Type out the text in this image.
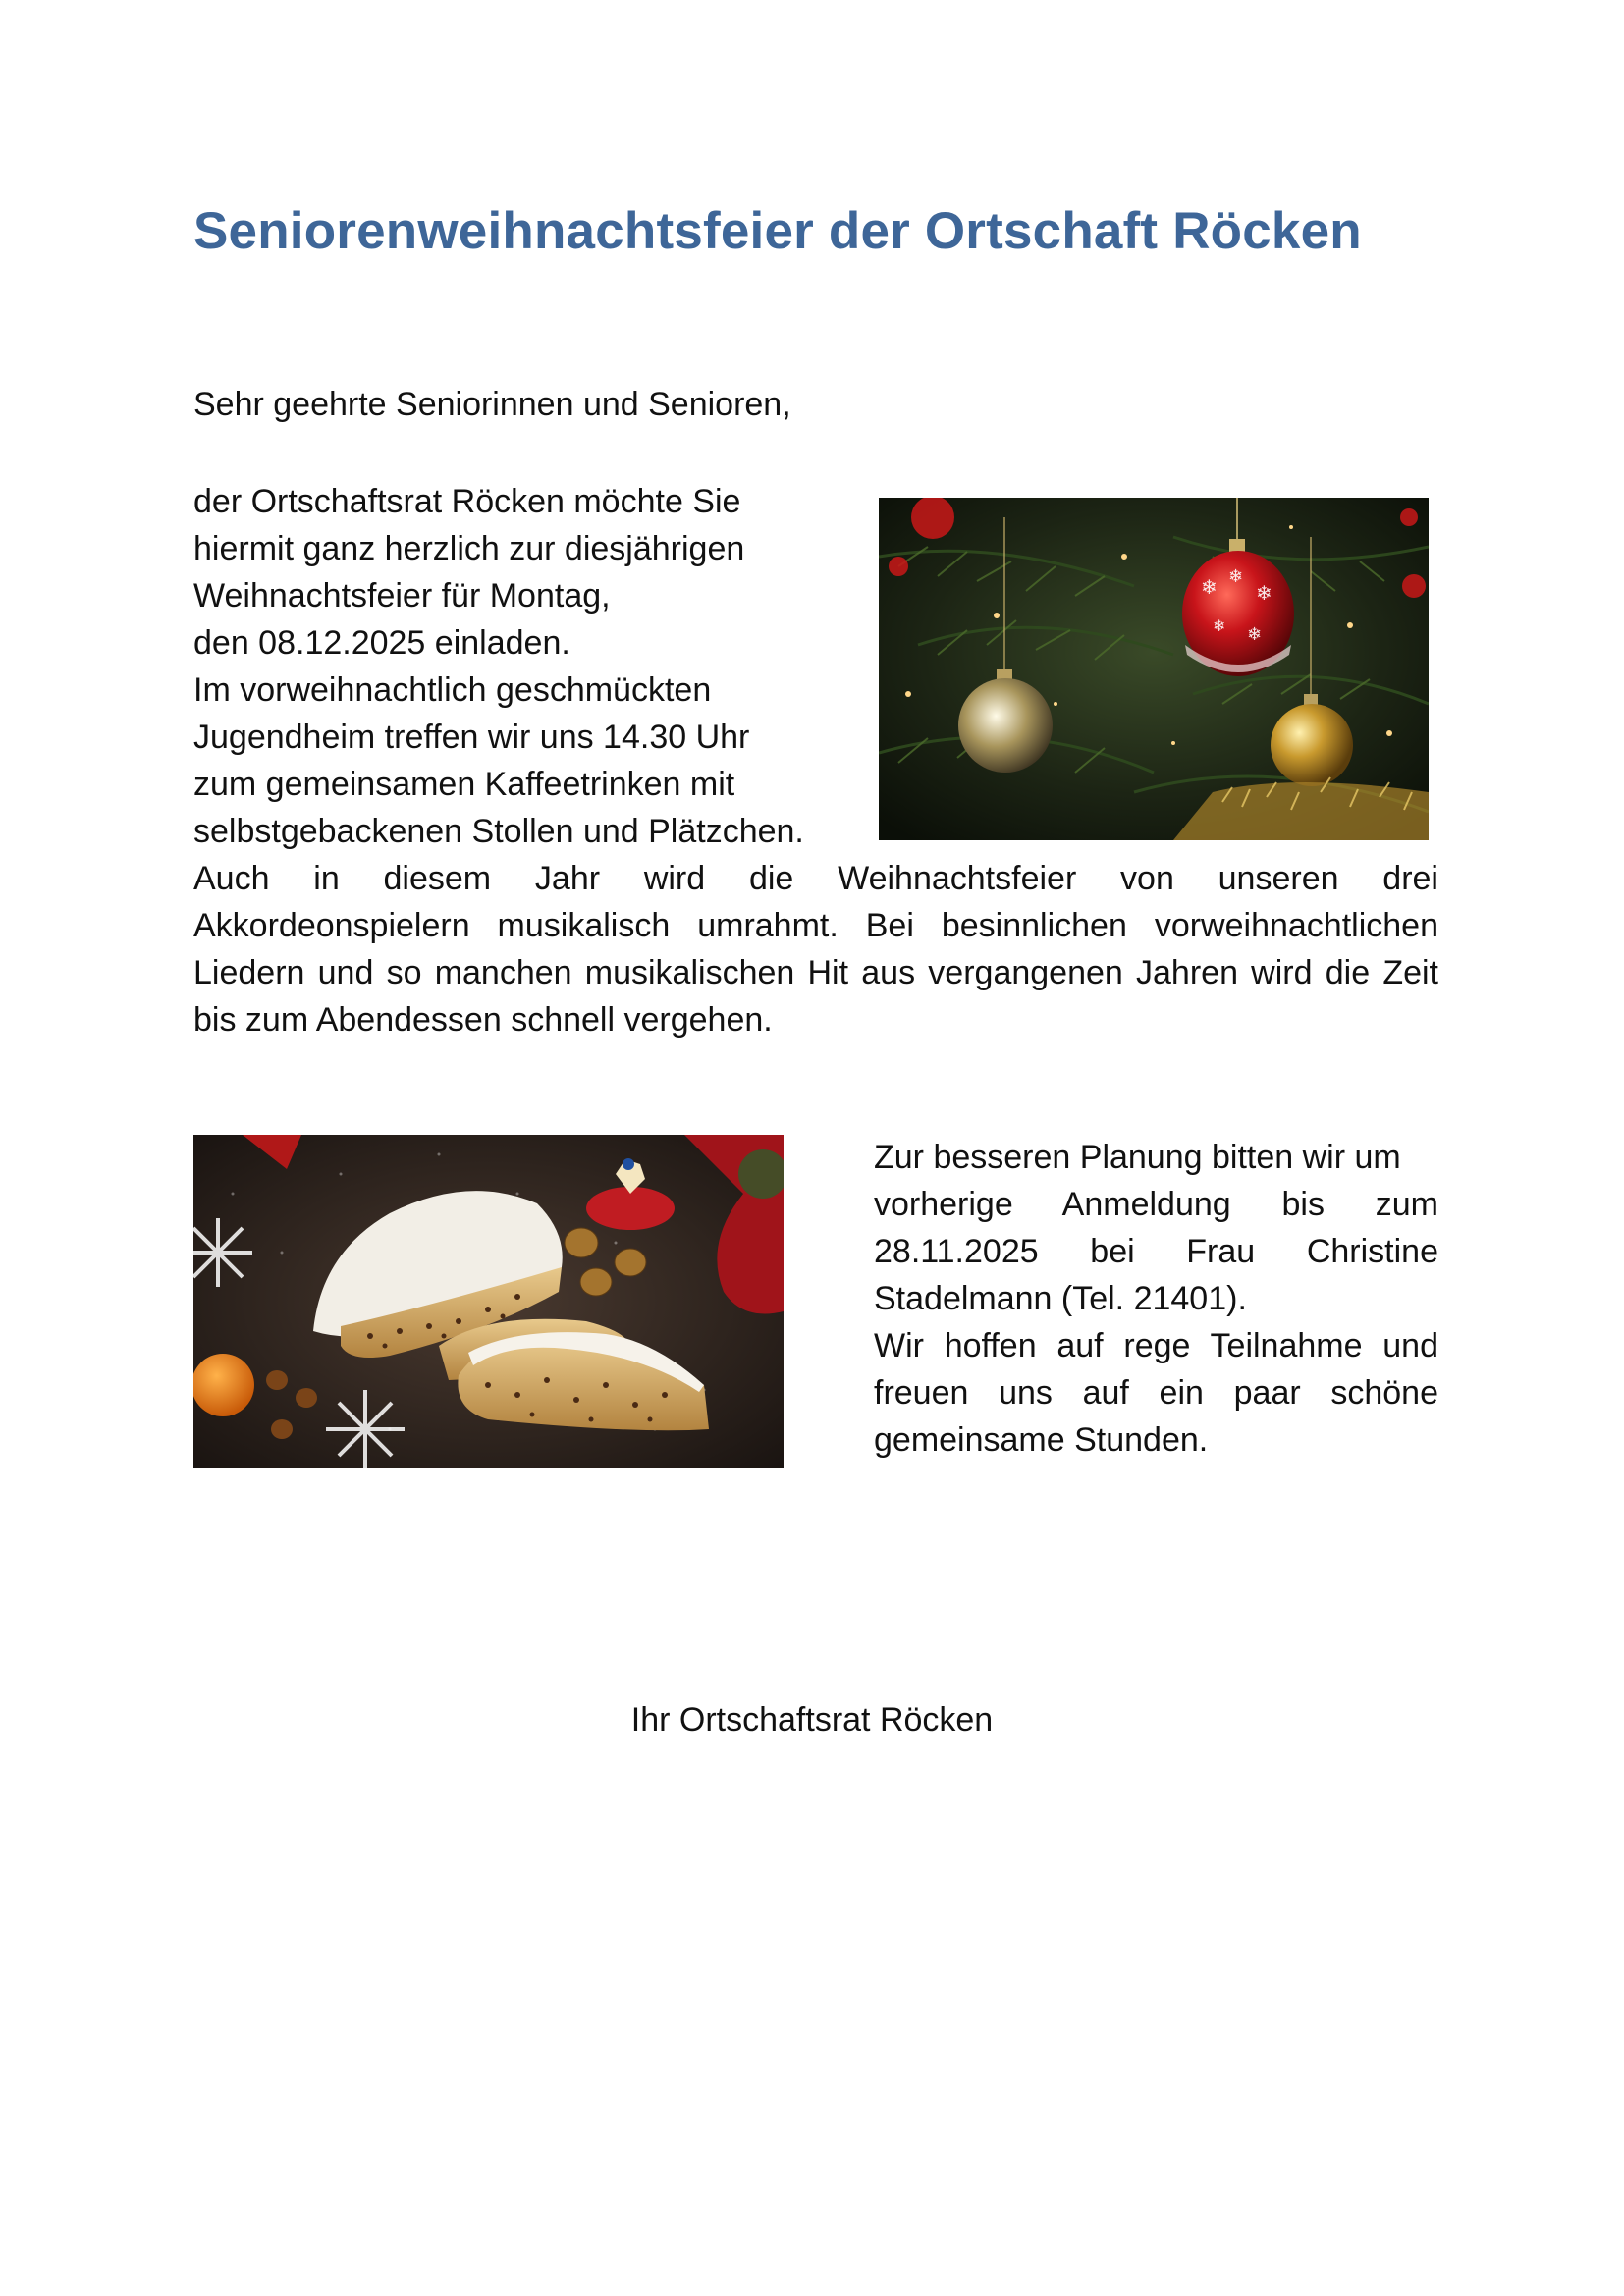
Seniorenweihnachtsfeier der Ortschaft Röcken

Sehr geehrte Seniorinnen und Senioren,

der Ortschaftsrat Röcken möchte Sie
hiermit ganz herzlich zur diesjährigen
Weihnachtsfeier für Montag,
den 08.12.2025 einladen.
Im vorweihnachtlich geschmückten
Jugendheim treffen wir uns 14.30 Uhr
zum gemeinsamen Kaffeetrinken mit
selbstgebackenen Stollen und Plätzchen.
❄ ❄
❄
❄ ❄
Auch in diesem Jahr wird die Weihnachtsfeier von unseren drei
Akkordeonspielern musikalisch umrahmt. Bei besinnlichen vorweihnachtlichen
Liedern und so manchen musikalischen Hit aus vergangenen Jahren wird die Zeit
bis zum Abendessen schnell vergehen.
Zur besseren Planung bitten wir um
vorherige Anmeldung bis zum
28.11.2025 bei Frau Christine
Stadelmann (Tel. 21401).
Wir hoffen auf rege Teilnahme und
freuen uns auf ein paar schöne
gemeinsame Stunden.

Ihr Ortschaftsrat Röcken
